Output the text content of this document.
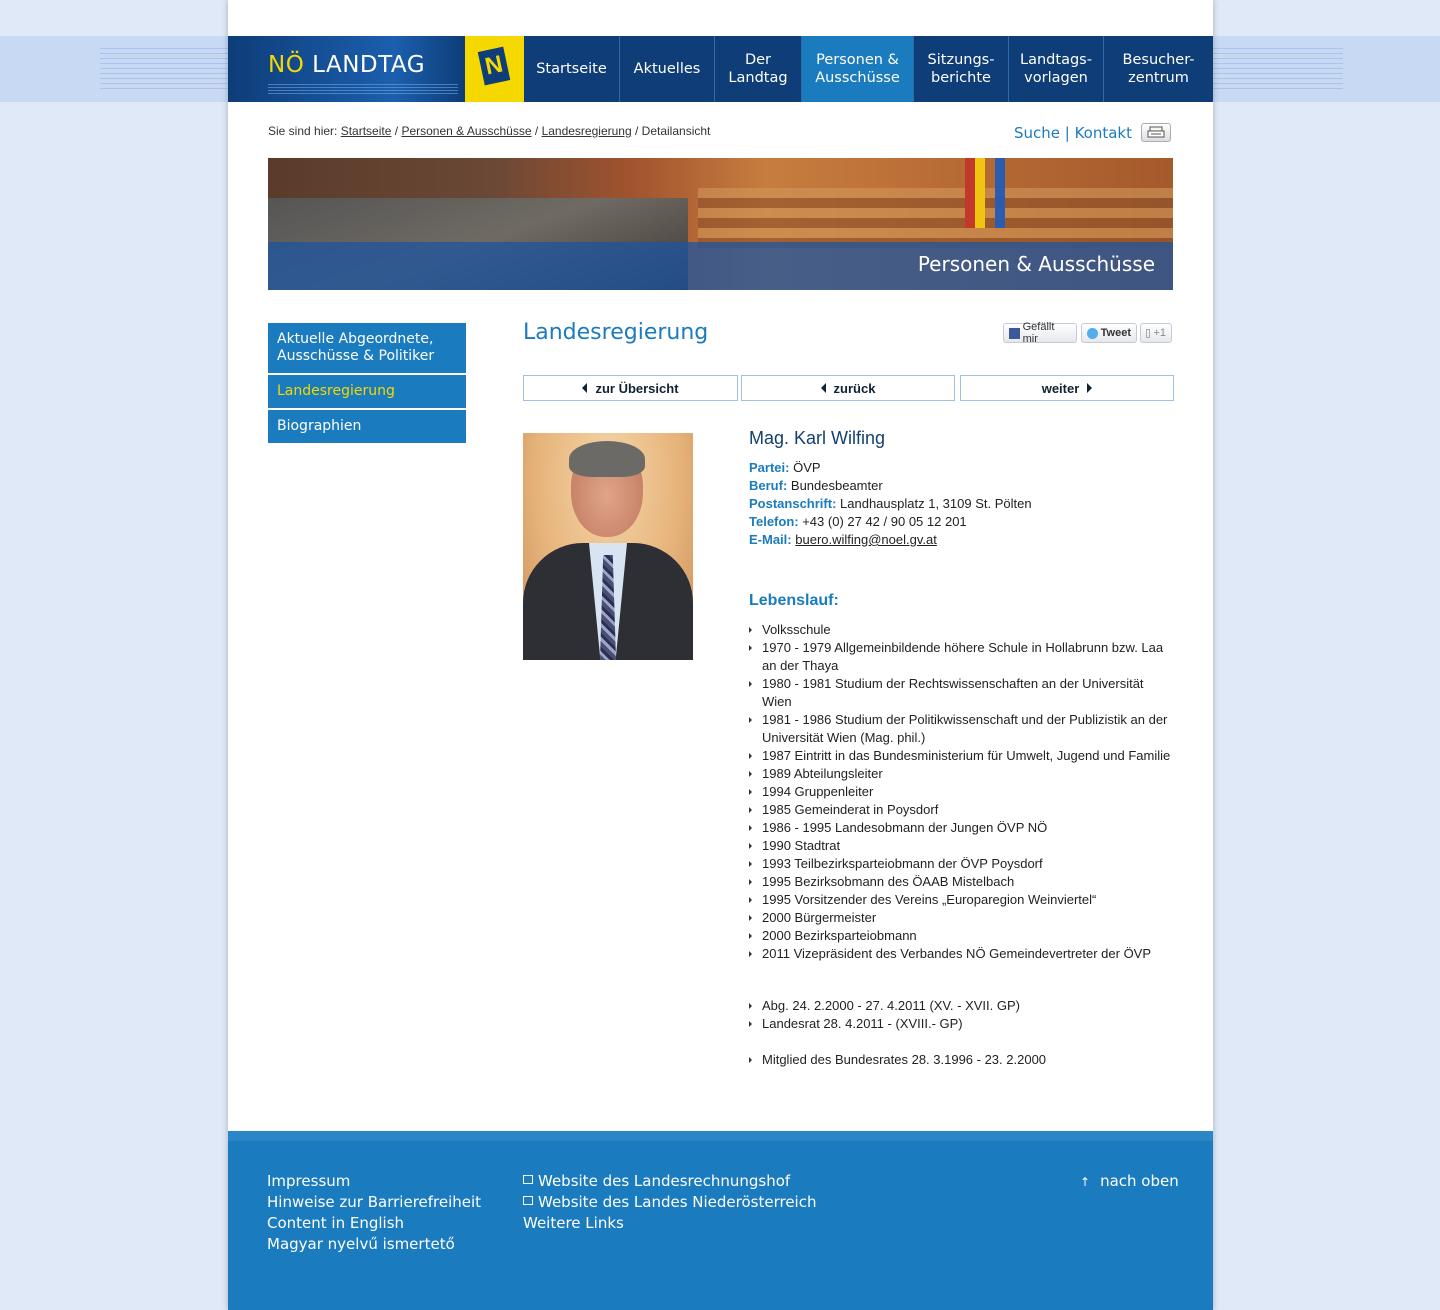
NÖ LANDTAG N	Startseite	Aktuelles
Der
Landtag
Personen &
Ausschüsse
Sitzungs-
berichte
Landtags-
vorlagen
Besucher-
zentrum
Sie sind hier: Startseite / Personen & Ausschüsse / Landesregierung / Detailansicht	Suche | Kontakt
Personen & Ausschüsse
Aktuelle Abgeordnete,
Ausschüsse & Politiker
Landesregierung
Biographien
Landesregierung	Gefällt mir	Tweet +1
zur Übersicht	zurück	weiter
Mag. Karl Wilfing
Partei: ÖVP
Beruf: Bundesbeamter
Postanschrift: Landhausplatz 1, 3109 St. Pölten
Telefon: +43 (0) 27 42 / 90 05 12 201
E-Mail: buero.wilfing@noel.gv.at
Lebenslauf:
Volksschule
1970 - 1979 Allgemeinbildende höhere Schule in Hollabrunn bzw. Laa an der Thaya
1980 - 1981 Studium der Rechtswissenschaften an der Universität Wien
1981 - 1986 Studium der Politikwissenschaft und der Publizistik an der Universität Wien (Mag. phil.)
1987 Eintritt in das Bundesministerium für Umwelt, Jugend und Familie
1989 Abteilungsleiter
1994 Gruppenleiter
1985 Gemeinderat in Poysdorf
1986 - 1995 Landesobmann der Jungen ÖVP NÖ
1990 Stadtrat
1993 Teilbezirksparteiobmann der ÖVP Poysdorf
1995 Bezirksobmann des ÖAAB Mistelbach
1995 Vorsitzender des Vereins „Europaregion Weinviertel“
2000 Bürgermeister
2000 Bezirksparteiobmann
2011 Vizepräsident des Verbandes NÖ Gemeindevertreter der ÖVP
Abg. 24. 2.2000 - 27. 4.2011 (XV. - XVII. GP)
Landesrat 28. 4.2011 - (XVIII.- GP)
Mitglied des Bundesrates 28. 3.1996 - 23. 2.2000
Impressum
Hinweise zur Barrierefreiheit
Content in English
Magyar nyelvű ismertető
Website des Landesrechnungshof
Website des Landes Niederösterreich
Weitere Links
↑ nach oben
